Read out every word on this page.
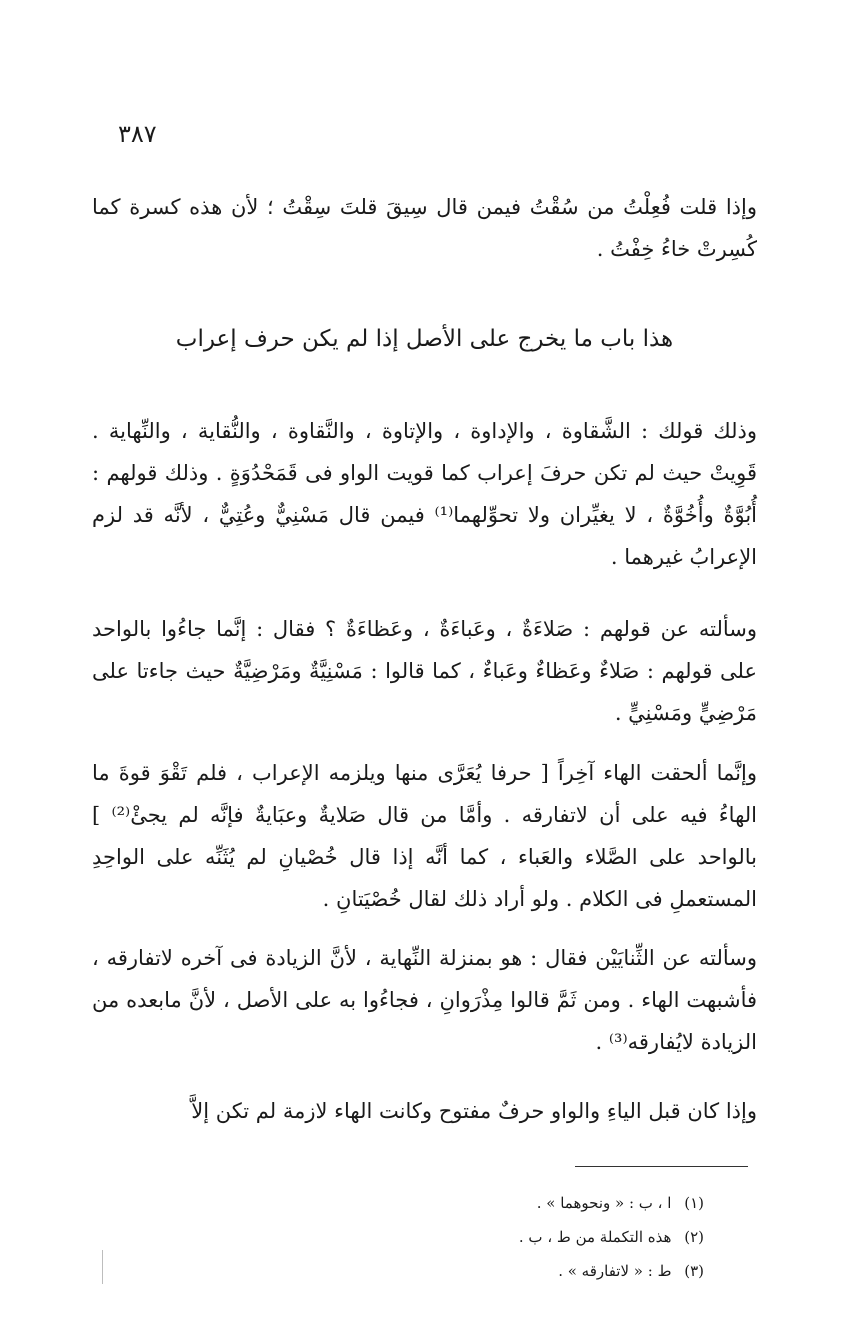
٣٨٧

وإذا قلت فُعِلْتُ من سُقْتُ فيمن قال سِيقَ قلتَ سِقْتُ ؛ لأن هذه كسرة كما كُسِرتْ خاءُ خِفْتُ .

هذا باب ما يخرج على الأصل إذا لم يكن حرف إعراب

وذلك قولك : الشَّقاوة ، والإداوة ، والإتاوة ، والنَّقاوة ، والنُّقاية ، والنِّهاية . قَوِيتْ حيث لم تكن حرفَ إعراب كما قويت الواو فى قَمَحْدُوَةٍ . وذلك قولهم : أُبُوَّةٌ وأُخُوَّةٌ ، لا يغيِّران ولا تحوِّلهما⁽¹⁾ فيمن قال مَسْنِيٌّ وعُتِيٌّ ، لأنَّه قد لزم الإعرابُ غيرهما .

وسألته عن قولهم : صَلاءَةٌ ، وعَباءَةٌ ، وعَظاءَةٌ ؟ فقال : إنَّما جاءُوا بالواحد على قولهم : صَلاءٌ وعَظاءٌ وعَباءٌ ، كما قالوا : مَسْنِيَّةٌ ومَرْضِيَّةٌ حيث جاءتا على مَرْضِيٍّ ومَسْنِيٍّ .

وإنَّما ألحقت الهاء آخِراً [ حرفا يُعَرَّى منها ويلزمه الإعراب ، فلم تَقْوَ قوةَ ما الهاءُ فيه على أن لاتفارقه . وأمَّا من قال صَلايةٌ وعبَايةٌ فإنَّه لم يجئْ⁽²⁾ ] بالواحد على الصَّلاء والعَباء ، كما أنَّه إذا قال خُصْيانِ لم يُثَنِّه على الواحِدِ المستعملِ فى الكلام . ولو أراد ذلك لقال خُصْيَتانِ .

وسألته عن الثِّنايَيْن فقال : هو بمنزلة النِّهاية ، لأنَّ الزيادة فى آخره لاتفارقه ، فأشبهت الهاء . ومن ثَمَّ قالوا مِذْرَوانِ ، فجاءُوا به على الأصل ، لأنَّ مابعده من الزيادة لايُفارقه⁽³⁾ .

وإذا كان قبل الياءِ والواو حرفٌ مفتوح وكانت الهاء لازمة لم تكن إلاَّ

(١) ا ، ب : « ونحوهما » .
(٢) هذه التكملة من ط ، ب .
(٣) ط : « لاتفارقه » .
